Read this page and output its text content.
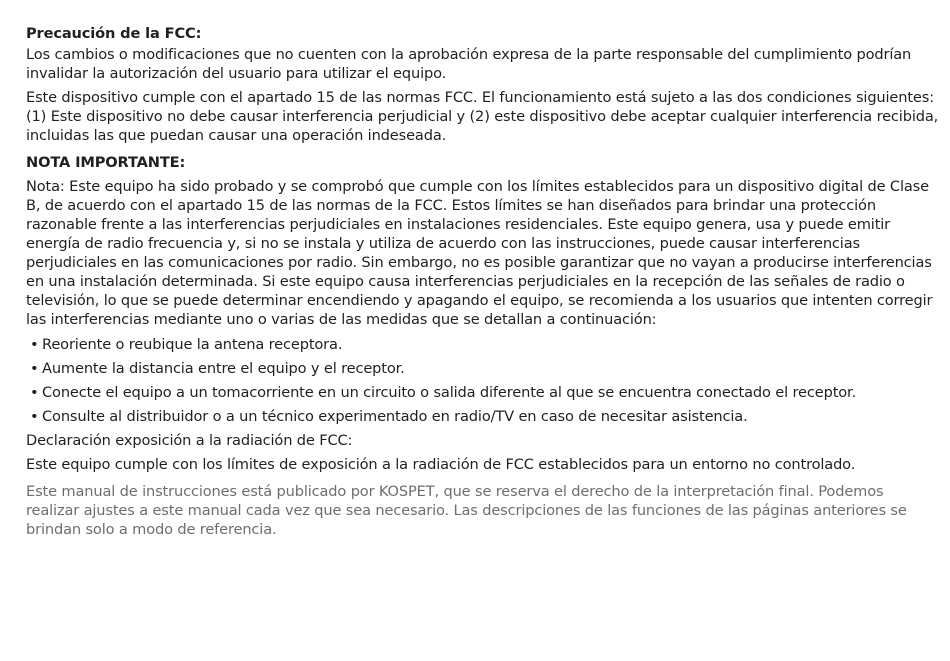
Precaución de la FCC:

Los cambios o modificaciones que no cuenten con la aprobación expresa de la parte responsable del cumplimiento podrían invalidar la autorización del usuario para utilizar el equipo.

Este dispositivo cumple con el apartado 15 de las normas FCC. El funcionamiento está sujeto a las dos condiciones siguientes: (1) Este dispositivo no debe causar interferencia perjudicial y (2) este dispositivo debe aceptar cualquier interferencia recibida, incluidas las que puedan causar una operación indeseada.

NOTA IMPORTANTE:

Nota: Este equipo ha sido probado y se comprobó que cumple con los límites establecidos para un dispositivo digital de Clase B, de acuerdo con el apartado 15 de las normas de la FCC. Estos límites se han diseñados para brindar una protección razonable frente a las interferencias perjudiciales en instalaciones residenciales. Este equipo genera, usa y puede emitir energía de radio frecuencia y, si no se instala y utiliza de acuerdo con las instrucciones, puede causar interferencias perjudiciales en las comunicaciones por radio. Sin embargo, no es posible garantizar que no vayan a producirse interferencias en una instalación determinada. Si este equipo causa interferencias perjudiciales en la recepción de las señales de radio o televisión, lo que se puede determinar encendiendo y apagando el equipo, se recomienda a los usuarios que intenten corregir las interferencias mediante uno o varias de las medidas que se detallan a continuación:

• Reoriente o reubique la antena receptora.
• Aumente la distancia entre el equipo y el receptor.
• Conecte el equipo a un tomacorriente en un circuito o salida diferente al que se encuentra conectado el receptor.
• Consulte al distribuidor o a un técnico experimentado en radio/TV en caso de necesitar asistencia.

Declaración exposición a la radiación de FCC:

Este equipo cumple con los límites de exposición a la radiación de FCC establecidos para un entorno no controlado.

Este manual de instrucciones está publicado por KOSPET, que se reserva el derecho de la interpretación final. Podemos realizar ajustes a este manual cada vez que sea necesario. Las descripciones de las funciones de las páginas anteriores se brindan solo a modo de referencia.
